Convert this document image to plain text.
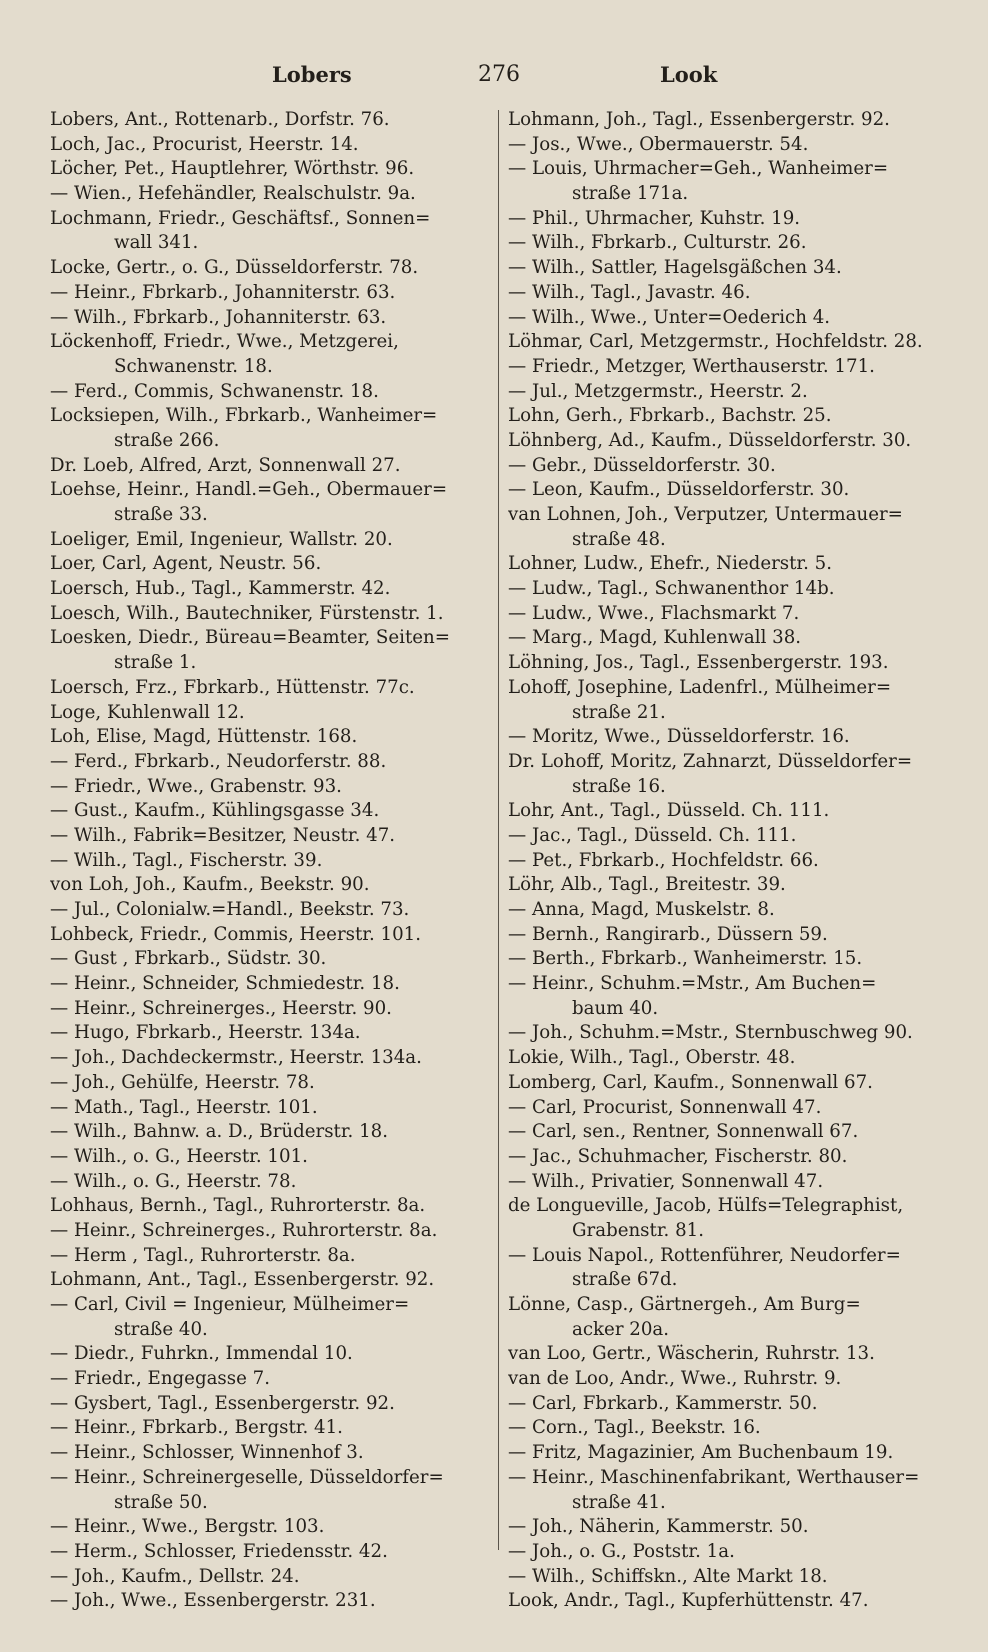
Lobers	276	Look
Lobers, Ant., Rottenarb., Dorfstr. 76.
Loch, Jac., Procurist, Heerstr. 14.
Löcher, Pet., Hauptlehrer, Wörthstr. 96.
— Wien., Hefehändler, Realschulstr. 9a.
Lochmann, Friedr., Geschäftsf., Sonnen=
wall 341.
Locke, Gertr., o. G., Düsseldorferstr. 78.
— Heinr., Fbrkarb., Johanniterstr. 63.
— Wilh., Fbrkarb., Johanniterstr. 63.
Löckenhoff, Friedr., Wwe., Metzgerei,
Schwanenstr. 18.
— Ferd., Commis, Schwanenstr. 18.
Locksiepen, Wilh., Fbrkarb., Wanheimer=
straße 266.
Dr. Loeb, Alfred, Arzt, Sonnenwall 27.
Loehse, Heinr., Handl.=Geh., Obermauer=
straße 33.
Loeliger, Emil, Ingenieur, Wallstr. 20.
Loer, Carl, Agent, Neustr. 56.
Loersch, Hub., Tagl., Kammerstr. 42.
Loesch, Wilh., Bautechniker, Fürstenstr. 1.
Loesken, Diedr., Büreau=Beamter, Seiten=
straße 1.
Loersch, Frz., Fbrkarb., Hüttenstr. 77c.
Loge, Kuhlenwall 12.
Loh, Elise, Magd, Hüttenstr. 168.
— Ferd., Fbrkarb., Neudorferstr. 88.
— Friedr., Wwe., Grabenstr. 93.
— Gust., Kaufm., Kühlingsgasse 34.
— Wilh., Fabrik=Besitzer, Neustr. 47.
— Wilh., Tagl., Fischerstr. 39.
von Loh, Joh., Kaufm., Beekstr. 90.
— Jul., Colonialw.=Handl., Beekstr. 73.
Lohbeck, Friedr., Commis, Heerstr. 101.
— Gust , Fbrkarb., Südstr. 30.
— Heinr., Schneider, Schmiedestr. 18.
— Heinr., Schreinerges., Heerstr. 90.
— Hugo, Fbrkarb., Heerstr. 134a.
— Joh., Dachdeckermstr., Heerstr. 134a.
— Joh., Gehülfe, Heerstr. 78.
— Math., Tagl., Heerstr. 101.
— Wilh., Bahnw. a. D., Brüderstr. 18.
— Wilh., o. G., Heerstr. 101.
— Wilh., o. G., Heerstr. 78.
Lohhaus, Bernh., Tagl., Ruhrorterstr. 8a.
— Heinr., Schreinerges., Ruhrorterstr. 8a.
— Herm , Tagl., Ruhrorterstr. 8a.
Lohmann, Ant., Tagl., Essenbergerstr. 92.
— Carl, Civil = Ingenieur, Mülheimer=
straße 40.
— Diedr., Fuhrkn., Immendal 10.
— Friedr., Engegasse 7.
— Gysbert, Tagl., Essenbergerstr. 92.
— Heinr., Fbrkarb., Bergstr. 41.
— Heinr., Schlosser, Winnenhof 3.
— Heinr., Schreinergeselle, Düsseldorfer=
straße 50.
— Heinr., Wwe., Bergstr. 103.
— Herm., Schlosser, Friedensstr. 42.
— Joh., Kaufm., Dellstr. 24.
— Joh., Wwe., Essenbergerstr. 231.
Lohmann, Joh., Tagl., Essenbergerstr. 92.
— Jos., Wwe., Obermauerstr. 54.
— Louis, Uhrmacher=Geh., Wanheimer=
straße 171a.
— Phil., Uhrmacher, Kuhstr. 19.
— Wilh., Fbrkarb., Culturstr. 26.
— Wilh., Sattler, Hagelsgäßchen 34.
— Wilh., Tagl., Javastr. 46.
— Wilh., Wwe., Unter=Oederich 4.
Löhmar, Carl, Metzgermstr., Hochfeldstr. 28.
— Friedr., Metzger, Werthauserstr. 171.
— Jul., Metzgermstr., Heerstr. 2.
Lohn, Gerh., Fbrkarb., Bachstr. 25.
Löhnberg, Ad., Kaufm., Düsseldorferstr. 30.
— Gebr., Düsseldorferstr. 30.
— Leon, Kaufm., Düsseldorferstr. 30.
van Lohnen, Joh., Verputzer, Untermauer=
straße 48.
Lohner, Ludw., Ehefr., Niederstr. 5.
— Ludw., Tagl., Schwanenthor 14b.
— Ludw., Wwe., Flachsmarkt 7.
— Marg., Magd, Kuhlenwall 38.
Löhning, Jos., Tagl., Essenbergerstr. 193.
Lohoff, Josephine, Ladenfrl., Mülheimer=
straße 21.
— Moritz, Wwe., Düsseldorferstr. 16.
Dr. Lohoff, Moritz, Zahnarzt, Düsseldorfer=
straße 16.
Lohr, Ant., Tagl., Düsseld. Ch. 111.
— Jac., Tagl., Düsseld. Ch. 111.
— Pet., Fbrkarb., Hochfeldstr. 66.
Löhr, Alb., Tagl., Breitestr. 39.
— Anna, Magd, Muskelstr. 8.
— Bernh., Rangirarb., Düssern 59.
— Berth., Fbrkarb., Wanheimerstr. 15.
— Heinr., Schuhm.=Mstr., Am Buchen=
baum 40.
— Joh., Schuhm.=Mstr., Sternbuschweg 90.
Lokie, Wilh., Tagl., Oberstr. 48.
Lomberg, Carl, Kaufm., Sonnenwall 67.
— Carl, Procurist, Sonnenwall 47.
— Carl, sen., Rentner, Sonnenwall 67.
— Jac., Schuhmacher, Fischerstr. 80.
— Wilh., Privatier, Sonnenwall 47.
de Longueville, Jacob, Hülfs=Telegraphist,
Grabenstr. 81.
— Louis Napol., Rottenführer, Neudorfer=
straße 67d.
Lönne, Casp., Gärtnergeh., Am Burg=
acker 20a.
van Loo, Gertr., Wäscherin, Ruhrstr. 13.
van de Loo, Andr., Wwe., Ruhrstr. 9.
— Carl, Fbrkarb., Kammerstr. 50.
— Corn., Tagl., Beekstr. 16.
— Fritz, Magazinier, Am Buchenbaum 19.
— Heinr., Maschinenfabrikant, Werthauser=
straße 41.
— Joh., Näherin, Kammerstr. 50.
— Joh., o. G., Poststr. 1a.
— Wilh., Schiffskn., Alte Markt 18.
Look, Andr., Tagl., Kupferhüttenstr. 47.
